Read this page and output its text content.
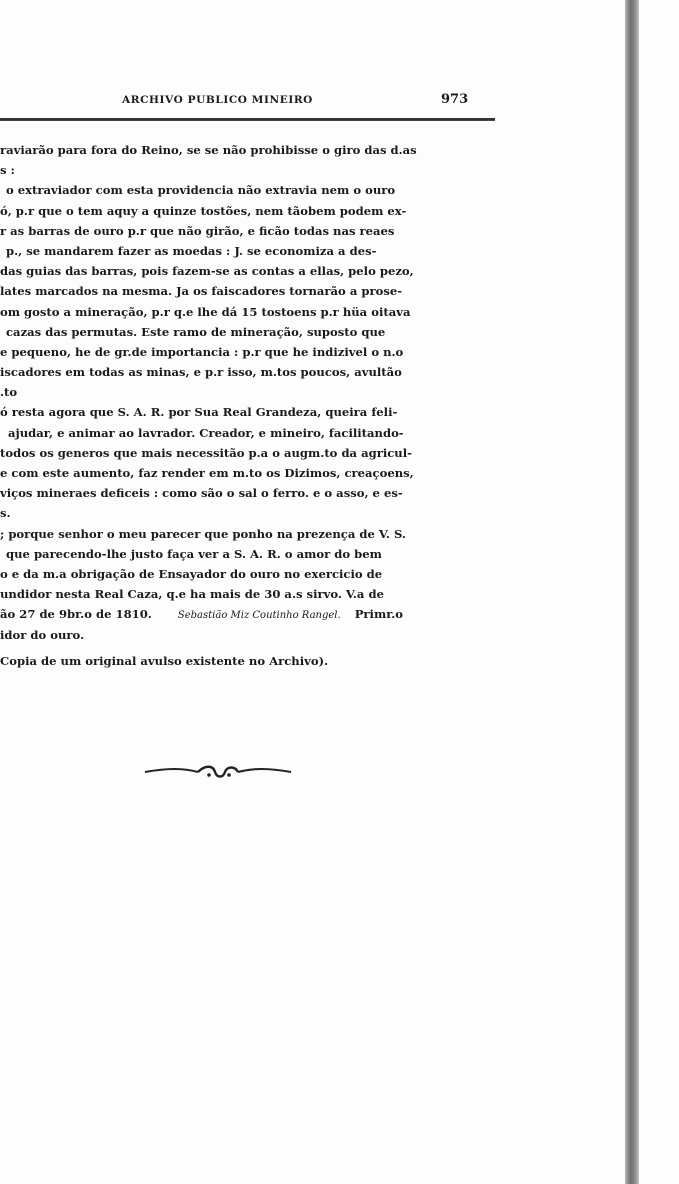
ARCHIVO PUBLICO MINEIRO	973
raviarão para fora do Reino, se se não prohibisse o giro das d.as
s :
o extraviador com esta providencia não extravia nem o ouro
ó, p.r que o tem aquy a quinze tostões, nem tãobem podem ex-
r as barras de ouro p.r que não girão, e ficão todas nas reaes
p., se mandarem fazer as moedas : J. se economiza a des-
das guias das barras, pois fazem-se as contas a ellas, pelo pezo,
lates marcados na mesma. Ja os faiscadores tornarão a prose-
om gosto a mineração, p.r q.e lhe dá 15 tostoens p.r hüa oitava
cazas das permutas. Este ramo de mineração, suposto que
e pequeno, he de gr.de importancia : p.r que he indizivel o n.o
iscadores em todas as minas, e p.r isso, m.tos poucos, avultão
.to
ó resta agora que S. A. R. por Sua Real Grandeza, queira feli-
ajudar, e animar ao lavrador. Creador, e mineiro, facilitando-
todos os generos que mais necessitão p.a o augm.to da agricul-
e com este aumento, faz render em m.to os Dizimos, creaçoens,
viços mineraes deficeis : como são o sal o ferro. e o asso, e es-
s.
; porque senhor o meu parecer que ponho na prezença de V. S.
que parecendo-lhe justo faça ver a S. A. R. o amor do bem
o e da m.a obrigação de Ensayador do ouro no exercicio de
undidor nesta Real Caza, q.e ha mais de 30 a.s sirvo. V.a de
ão 27 de 9br.o de 1810.	Sebastião Miz Coutinho Rangel. Primr.o
idor do ouro.
Copia de um original avulso existente no Archivo).
